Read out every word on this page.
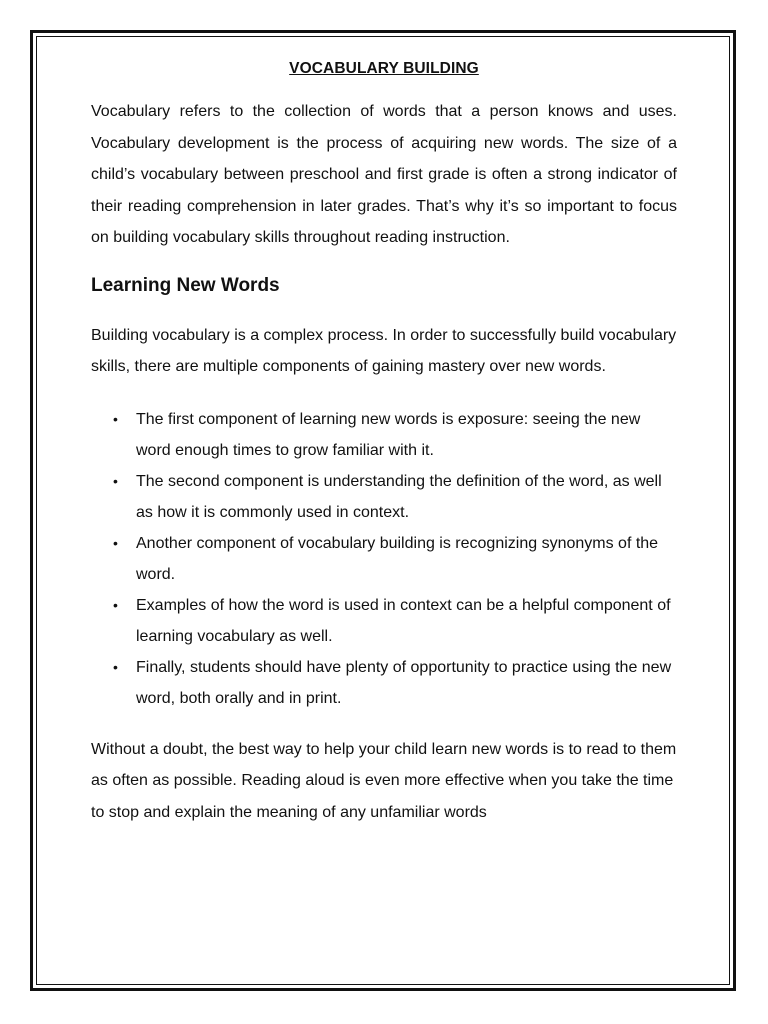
VOCABULARY BUILDING

Vocabulary refers to the collection of words that a person knows and uses. Vocabulary development is the process of acquiring new words. The size of a child’s vocabulary between preschool and first grade is often a strong indicator of their reading comprehension in later grades. That’s why it’s so important to focus on building vocabulary skills throughout reading instruction.

Learning New Words

Building vocabulary is a complex process. In order to successfully build vocabulary skills, there are multiple components of gaining mastery over new words.

• The first component of learning new words is exposure: seeing the new word enough times to grow familiar with it.
• The second component is understanding the definition of the word, as well as how it is commonly used in context.
• Another component of vocabulary building is recognizing synonyms of the word.
• Examples of how the word is used in context can be a helpful component of learning vocabulary as well.
• Finally, students should have plenty of opportunity to practice using the new word, both orally and in print.

Without a doubt, the best way to help your child learn new words is to read to them as often as possible. Reading aloud is even more effective when you take the time to stop and explain the meaning of any unfamiliar words
